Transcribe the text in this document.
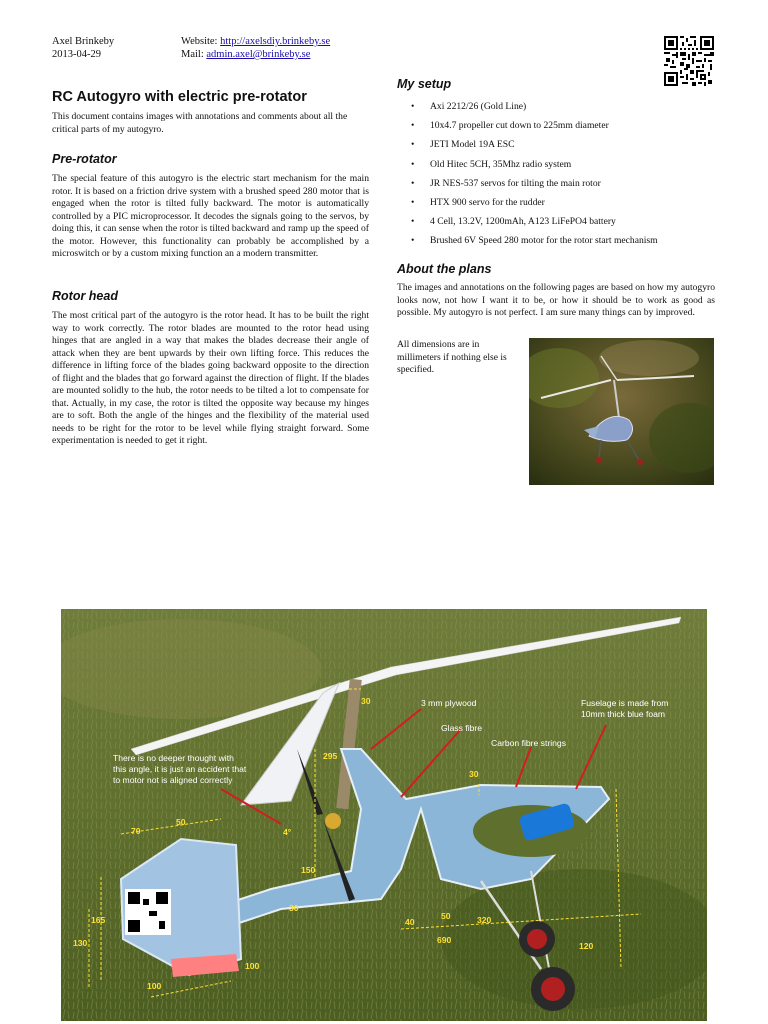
Axel Brinkeby
2013-04-29
Website: http://axelsdiy.brinkeby.se
Mail: admin.axel@brinkeby.se
RC Autogyro with electric pre-rotator

This document contains images with annotations and comments about all the critical parts of my autogyro.

Pre-rotator

The special feature of this autogyro is the electric start mechanism for the main rotor. It is based on a friction drive system with a brushed speed 280 motor that is engaged when the rotor is tilted fully backward. The motor is automatically controlled by a PIC microprocessor. It decodes the signals going to the servos, by doing this, it can sense when the rotor is tilted backward and ramp up the speed of the motor. However, this functionality can probably be accomplished by a microswitch or by a custom mixing function an a modern transmitter.

Rotor head

The most critical part of the autogyro is the rotor head. It has to be built the right way to work correctly. The rotor blades are mounted to the rotor head using hinges that are angled in a way that makes the blades decrease their angle of attack when they are bent upwards by their own lifting force. This reduces the difference in lifting force of the blades going backward opposite to the direction of flight and the blades that go forward against the direction of flight. If the blades are mounted solidly to the hub, the rotor needs to be tilted a lot to compensate for that. Actually, in my case, the rotor is tilted the opposite way because my hinges are to soft. Both the angle of the hinges and the flexibility of the material used needs to be right for the rotor to be level while flying straight forward. Some experimentation is needed to get it right.

My setup
• Axi 2212/26 (Gold Line)
• 10x4.7 propeller cut down to 225mm diameter
• JETI Model 19A ESC
• Old Hitec 5CH, 35Mhz radio system
• JR NES-537 servos for tilting the main rotor
• HTX 900 servo for the rudder
• 4 Cell, 13.2V, 1200mAh, A123 LiFePO4 battery
• Brushed 6V Speed 280 motor for the rotor start mechanism
About the plans

The images and annotations on the following pages are based on how my autogyro looks now, not how I want it to be, or how it should be to work as good as possible. My autogyro is not perfect. I am sure many things can by improved.

All dimensions are in millimeters if nothing else is specified.

3 mm plywood	Fuselage is made from
10mm thick blue foam
Glass fibre
Carbon fibre strings
There is no deeper thought with
this angle, it is just an accident that
to motor not is aligned correctly
30
295
30
70
50
4°
150
165
130
30
40
50	320
690
120
100
100
